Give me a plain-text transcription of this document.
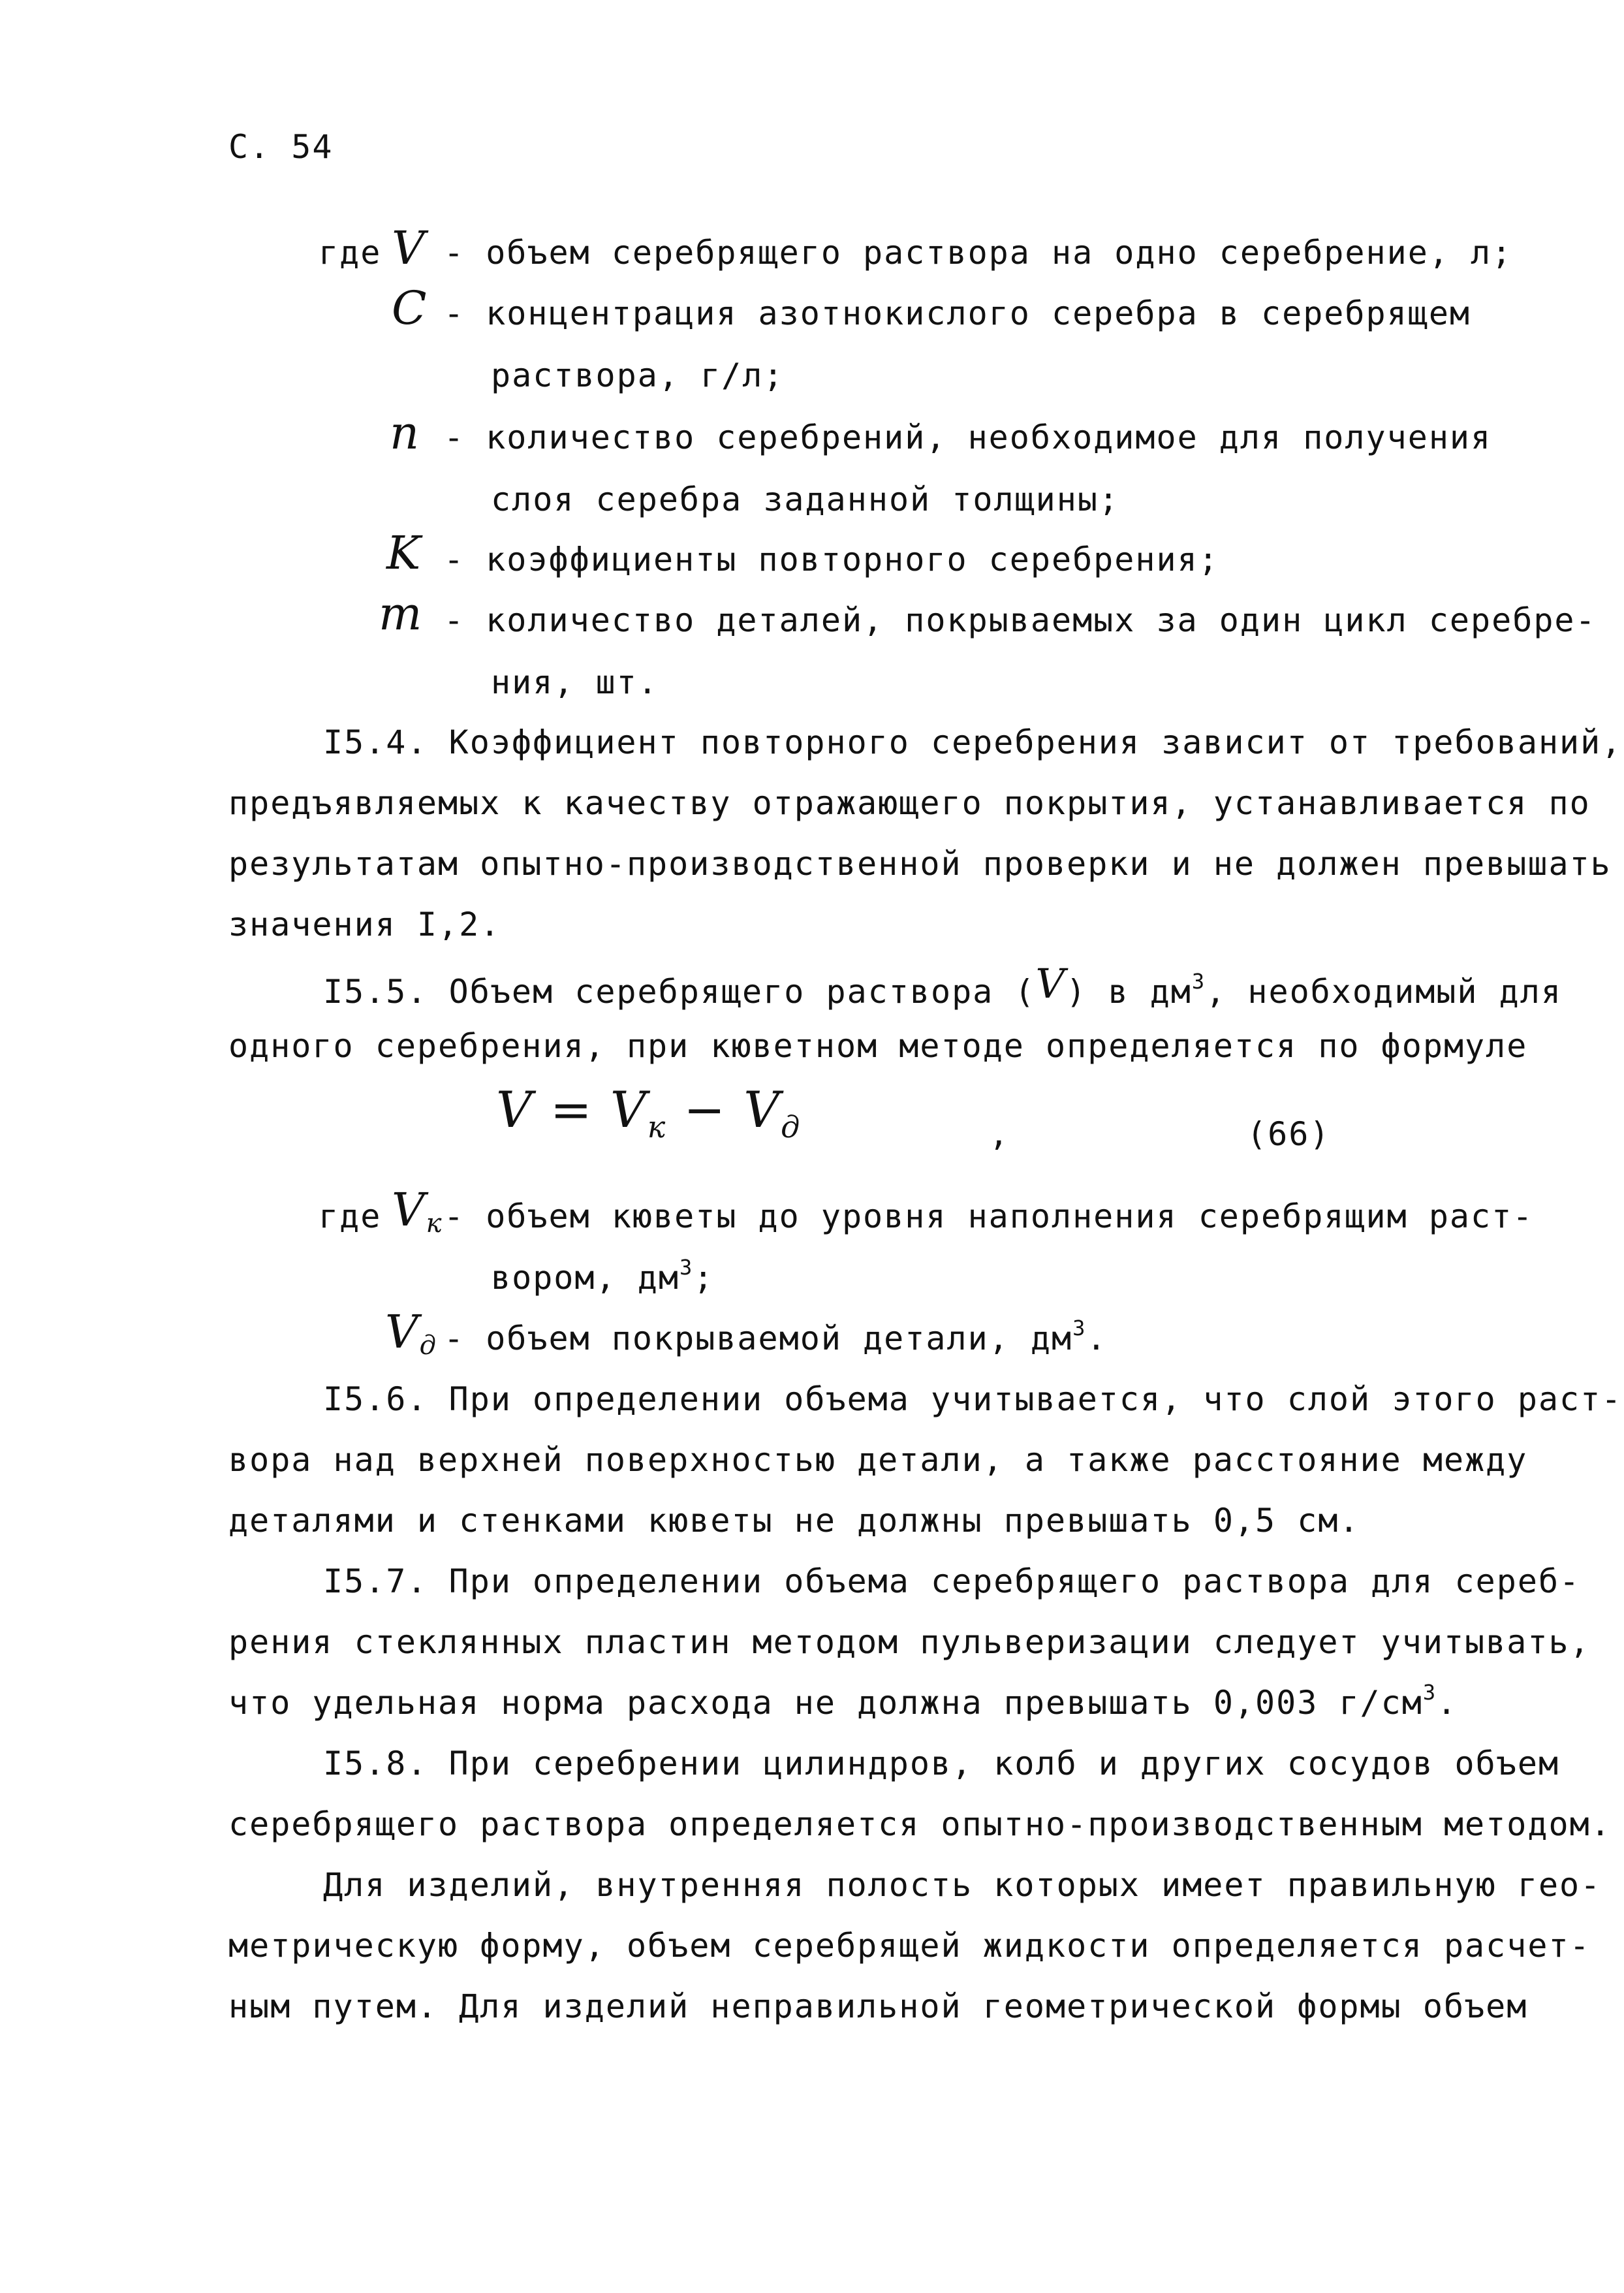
С. 54
где V - объем серебрящего раствора на одно серебрение, л;
C - концентрация азотнокислого серебра в серебрящем
раствора, г/л;
n - количество серебрений, необходимое для получения
слоя серебра заданной толщины;
K - коэффициенты повторного серебрения;
m - количество деталей, покрываемых за один цикл серебре-
ния, шт.
I5.4. Коэффициент повторного серебрения зависит от требований,
предъявляемых к качеству отражающего покрытия, устанавливается по
результатам опытно-производственной проверки и не должен превышать
значения I,2.
I5.5. Объем серебрящего раствора (V) в $дм^3$, необходимый для
одного серебрения, при кюветном методе определяется по формуле
$V = V_к - V_д$	,	(66)
где $V_к$ - объем кюветы до уровня наполнения серебрящим раст-
вором, $дм^3$;
$V_д$ - объем покрываемой детали, $дм^3$.
I5.6. При определении объема учитывается, что слой этого раст-
вора над верхней поверхностью детали, а также расстояние между
деталями и стенками кюветы не должны превышать 0,5 см.
I5.7. При определении объема серебрящего раствора для сереб-
рения стеклянных пластин методом пульверизации следует учитывать,
что удельная норма расхода не должна превышать 0,003 $г/см^3$.
I5.8. При серебрении цилиндров, колб и других сосудов объем
серебрящего раствора определяется опытно-производственным методом.
Для изделий, внутренняя полость которых имеет правильную гео-
метрическую форму, объем серебрящей жидкости определяется расчет-
ным путем. Для изделий неправильной геометрической формы объем
